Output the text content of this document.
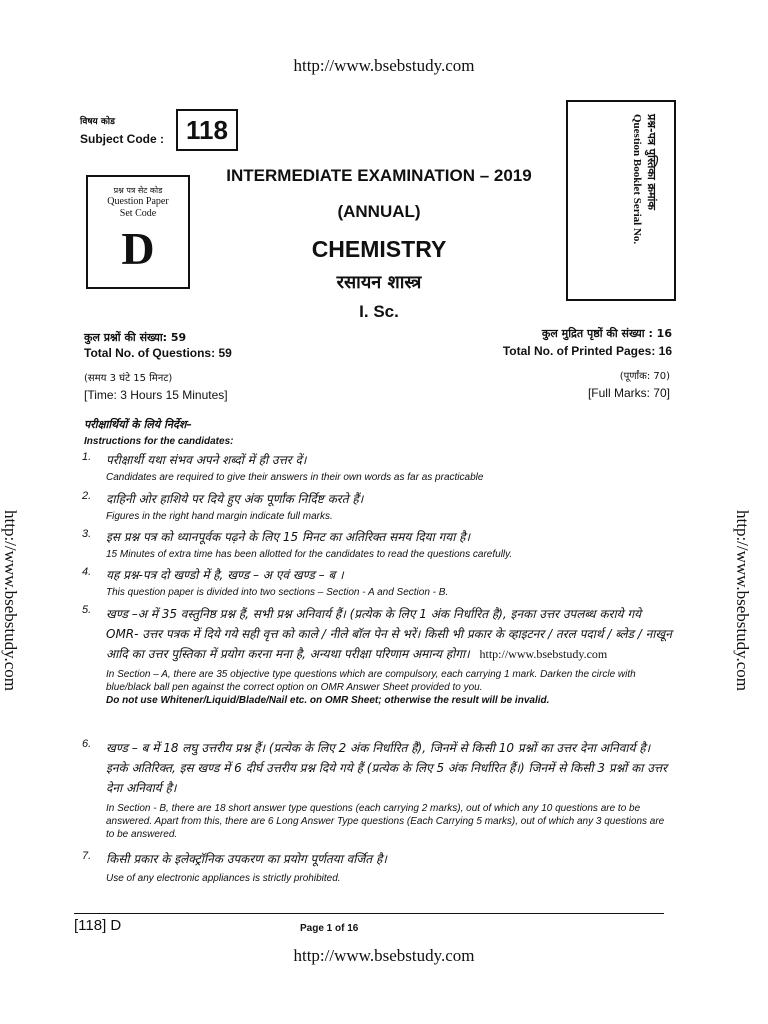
http://www.bsebstudy.com
http://www.bsebstudy.com	http://www.bsebstudy.com
विषय कोड
Subject Code : 118
प्रश्न पत्र सेट कोड
Question Paper
Set Code
D
प्रश्न-पत्र पुस्तिका क्रमांक
Question Booklet Serial No.
INTERMEDIATE EXAMINATION – 2019
(ANNUAL)
CHEMISTRY
रसायन शास्त्र
I. Sc.
कुल प्रश्नों की संख्या: 59
Total No. of Questions: 59
कुल मुद्रित पृष्ठों की संख्या : 16
Total No. of Printed Pages: 16
(समय 3 घंटे 15 मिनट)
[Time: 3 Hours 15 Minutes]
(पूर्णांक: 70)
[Full Marks: 70]
परीक्षार्थियों के लिये निर्देश–
Instructions for the candidates:
1.	परीक्षार्थी यथा संभव अपने शब्दों में ही उत्तर दें।
Candidates are required to give their answers in their own words as far as practicable
2.	दाहिनी ओर हाशिये पर दिये हुए अंक पूर्णांक निर्दिष्ट करते हैं।
Figures in the right hand margin indicate full marks.
3.	इस प्रश्न पत्र को ध्यानपूर्वक पढ़ने के लिए 15 मिनट का अतिरिक्त समय दिया गया है।
15 Minutes of extra time has been allotted for the candidates to read the questions carefully.
4.	यह प्रश्न-पत्र दो खण्डो में है, खण्ड – अ एवं खण्ड – ब ।
This question paper is divided into two sections – Section - A and Section - B.
5.	खण्ड –अ में 35 वस्तुनिष्ठ प्रश्न हैं, सभी प्रश्न अनिवार्य हैं। (प्रत्येक के लिए 1 अंक निर्धारित है), इनका उत्तर उपलब्ध कराये गये OMR- उत्तर पत्रक में दिये गये सही वृत्त को काले / नीले बॉल पेन से भरें। किसी भी प्रकार के व्हाइटनर / तरल पदार्थ / ब्लेड / नाखून आदि का उत्तर पुस्तिका में प्रयोग करना मना है, अन्यथा परीक्षा परिणाम अमान्य होगा। http://www.bsebstudy.com
In Section – A, there are 35 objective type questions which are compulsory, each carrying 1 mark. Darken the circle with blue/black ball pen against the correct option on OMR Answer Sheet provided to you.
Do not use Whitener/Liquid/Blade/Nail etc. on OMR Sheet; otherwise the result will be invalid.
6.	खण्ड – ब में 18 लघु उत्तरीय प्रश्न हैं। (प्रत्येक के लिए 2 अंक निर्धारित हैं), जिनमें से किसी 10 प्रश्नों का उत्तर देना अनिवार्य है। इनके अतिरिक्त, इस खण्ड में 6 दीर्घ उत्तरीय प्रश्न दिये गये हैं (प्रत्येक के लिए 5 अंक निर्धारित हैं।) जिनमें से किसी 3 प्रश्नों का उत्तर देना अनिवार्य है।
In Section - B, there are 18 short answer type questions (each carrying 2 marks), out of which any 10 questions are to be answered. Apart from this, there are 6 Long Answer Type questions (Each Carrying 5 marks), out of which any 3 questions are to be answered.
7.	किसी प्रकार के इलेक्ट्रॉनिक उपकरण का प्रयोग पूर्णतया वर्जित है।
Use of any electronic appliances is strictly prohibited.
[118] D	Page 1 of 16
http://www.bsebstudy.com
